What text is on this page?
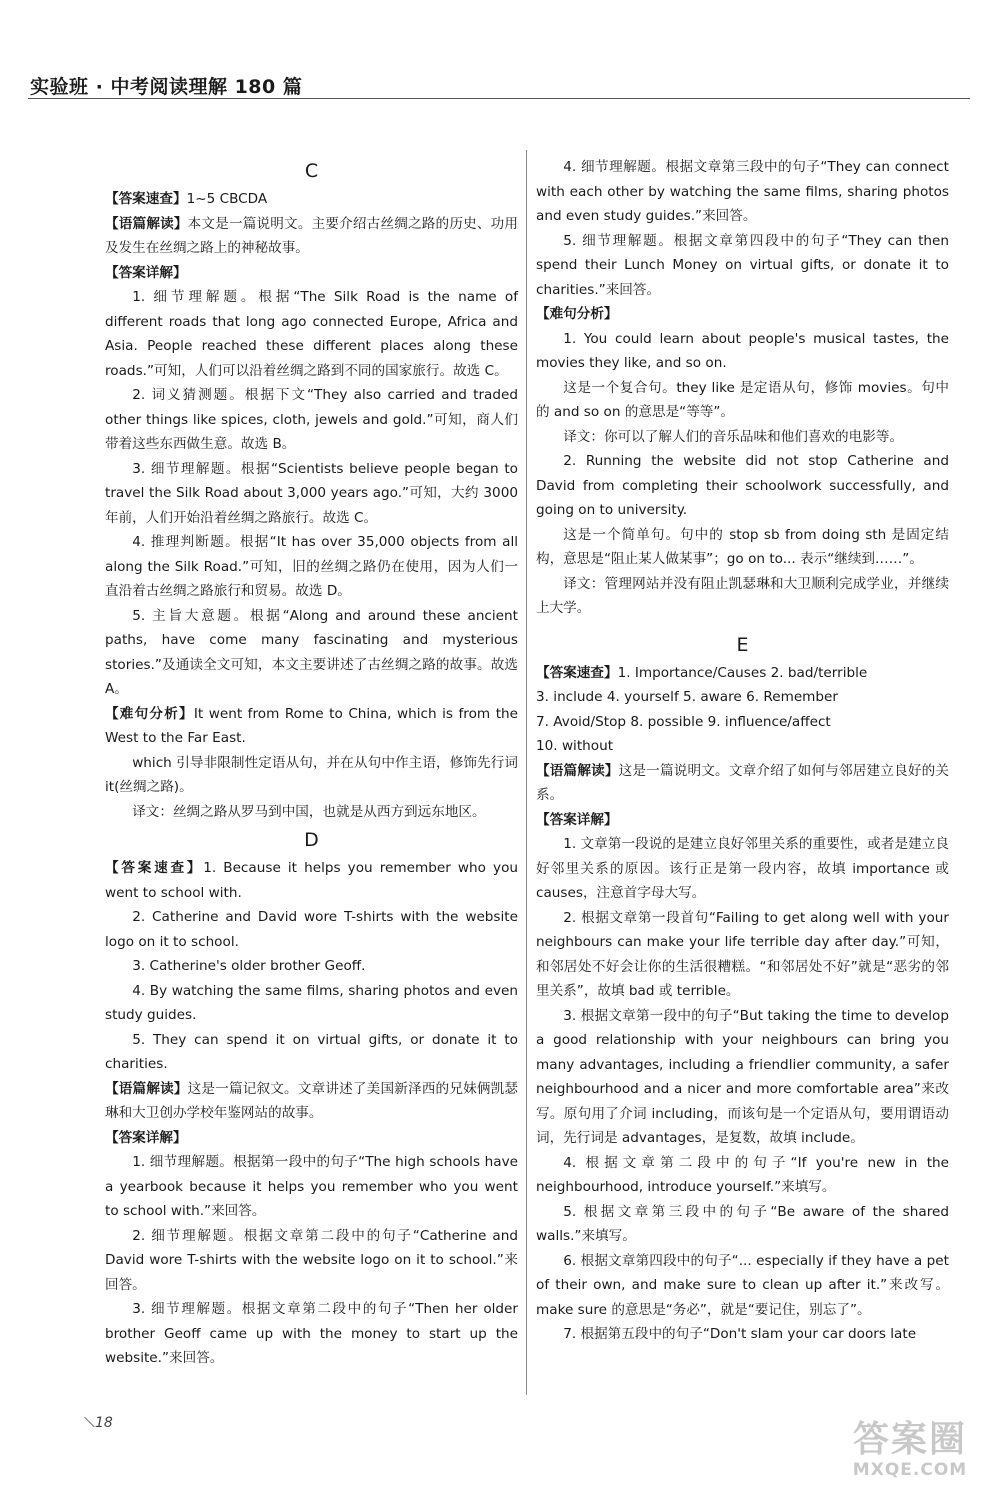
实验班 · 中考阅读理解 180 篇
C

【答案速查】1~5 CBCDA

【语篇解读】本文是一篇说明文。主要介绍古丝绸之路的历史、功用及发生在丝绸之路上的神秘故事。

【答案详解】

1. 细节理解题。根据“The Silk Road is the name of different roads that long ago connected Europe, Africa and Asia. People reached these different places along these roads.”可知，人们可以沿着丝绸之路到不同的国家旅行。故选 C。

2. 词义猜测题。根据下文“They also carried and traded other things like spices, cloth, jewels and gold.”可知，商人们带着这些东西做生意。故选 B。

3. 细节理解题。根据“Scientists believe people began to travel the Silk Road about 3,000 years ago.”可知，大约 3000 年前，人们开始沿着丝绸之路旅行。故选 C。

4. 推理判断题。根据“It has over 35,000 objects from all along the Silk Road.”可知，旧的丝绸之路仍在使用，因为人们一直沿着古丝绸之路旅行和贸易。故选 D。

5. 主旨大意题。根据“Along and around these ancient paths, have come many fascinating and mysterious stories.”及通读全文可知，本文主要讲述了古丝绸之路的故事。故选 A。

【难句分析】It went from Rome to China, which is from the West to the Far East.

which 引导非限制性定语从句，并在从句中作主语，修饰先行词 it(丝绸之路)。

译文：丝绸之路从罗马到中国，也就是从西方到远东地区。

D

【答案速查】1. Because it helps you remember who you went to school with.

2. Catherine and David wore T-shirts with the website logo on it to school.

3. Catherine's older brother Geoff.

4. By watching the same films, sharing photos and even study guides.

5. They can spend it on virtual gifts, or donate it to charities.

【语篇解读】这是一篇记叙文。文章讲述了美国新泽西的兄妹俩凯瑟琳和大卫创办学校年鉴网站的故事。

【答案详解】

1. 细节理解题。根据第一段中的句子“The high schools have a yearbook because it helps you remember who you went to school with.”来回答。

2. 细节理解题。根据文章第二段中的句子“Catherine and David wore T-shirts with the website logo on it to school.”来回答。

3. 细节理解题。根据文章第二段中的句子“Then her older brother Geoff came up with the money to start up the website.”来回答。

4. 细节理解题。根据文章第三段中的句子“They can connect with each other by watching the same films, sharing photos and even study guides.”来回答。

5. 细节理解题。根据文章第四段中的句子“They can then spend their Lunch Money on virtual gifts, or donate it to charities.”来回答。

【难句分析】

1. You could learn about people's musical tastes, the movies they like, and so on.

这是一个复合句。they like 是定语从句，修饰 movies。句中的 and so on 的意思是“等等”。

译文：你可以了解人们的音乐品味和他们喜欢的电影等。

2. Running the website did not stop Catherine and David from completing their schoolwork successfully, and going on to university.

这是一个简单句。句中的 stop sb from doing sth 是固定结构，意思是“阻止某人做某事”；go on to... 表示“继续到……”。

译文：管理网站并没有阻止凯瑟琳和大卫顺利完成学业，并继续上大学。

E

【答案速查】1. Importance/Causes 2. bad/terrible

3. include 4. yourself 5. aware 6. Remember

7. Avoid/Stop 8. possible 9. influence/affect

10. without

【语篇解读】这是一篇说明文。文章介绍了如何与邻居建立良好的关系。

【答案详解】

1. 文章第一段说的是建立良好邻里关系的重要性，或者是建立良好邻里关系的原因。该行正是第一段内容，故填 importance 或 causes，注意首字母大写。

2. 根据文章第一段首句“Failing to get along well with your neighbours can make your life terrible day after day.”可知，和邻居处不好会让你的生活很糟糕。“和邻居处不好”就是“恶劣的邻里关系”，故填 bad 或 terrible。

3. 根据文章第一段中的句子“But taking the time to develop a good relationship with your neighbours can bring you many advantages, including a friendlier community, a safer neighbourhood and a nicer and more comfortable area”来改写。原句用了介词 including，而该句是一个定语从句，要用谓语动词，先行词是 advantages，是复数，故填 include。

4. 根据文章第二段中的句子“If you're new in the neighbourhood, introduce yourself.”来填写。

5. 根据文章第三段中的句子“Be aware of the shared walls.”来填写。

6. 根据文章第四段中的句子“... especially if they have a pet of their own, and make sure to clean up after it.”来改写。make sure 的意思是“务必”，就是“要记住，别忘了”。

7. 根据第五段中的句子“Don't slam your car doors late

18	答案圈
MXQE.COM
